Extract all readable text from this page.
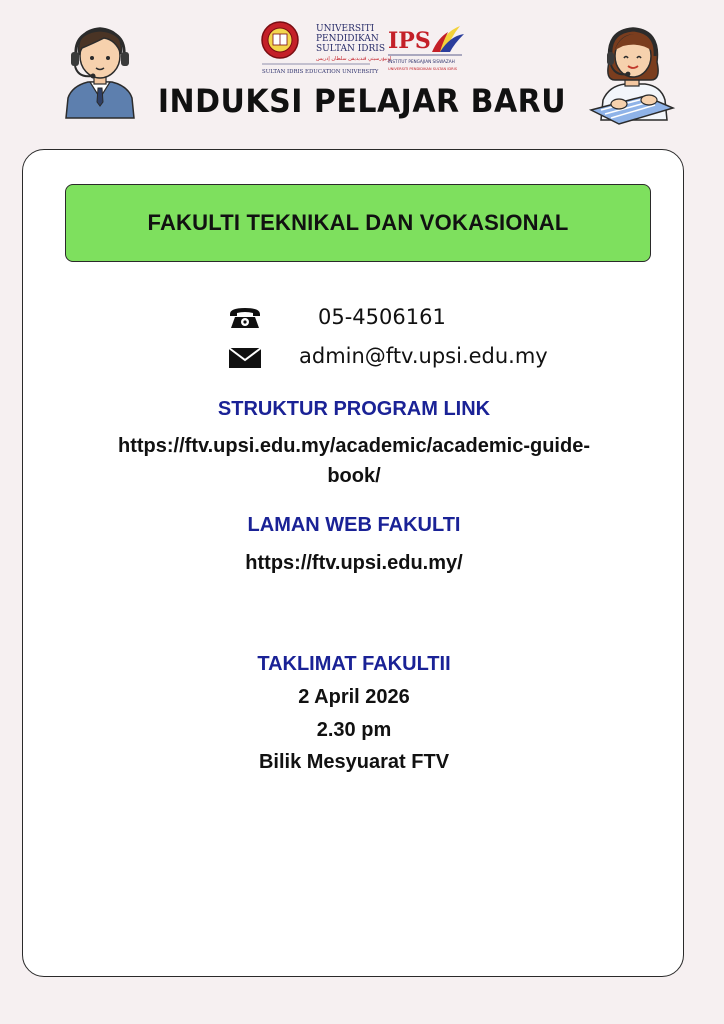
UNIVERSITI
PENDIDIKAN
SULTAN IDRIS
اونيۏرسيتي ڤنديديقن سلطان إدريس
SULTAN IDRIS EDUCATION UNIVERSITY
IPS
INSTITUT PENGAJIAN SISWAZAH
UNIVERSITI PENDIDIKAN SULTAN IDRIS
INDUKSI PELAJAR BARU
FAKULTI TEKNIKAL DAN VOKASIONAL
05-4506161
admin@ftv.upsi.edu.my
STRUKTUR PROGRAM LINK
https://ftv.upsi.edu.my/academic/academic-guide-
book/
LAMAN WEB FAKULTI
https://ftv.upsi.edu.my/
TAKLIMAT FAKULTII
2 April 2026
2.30 pm
Bilik Mesyuarat FTV
